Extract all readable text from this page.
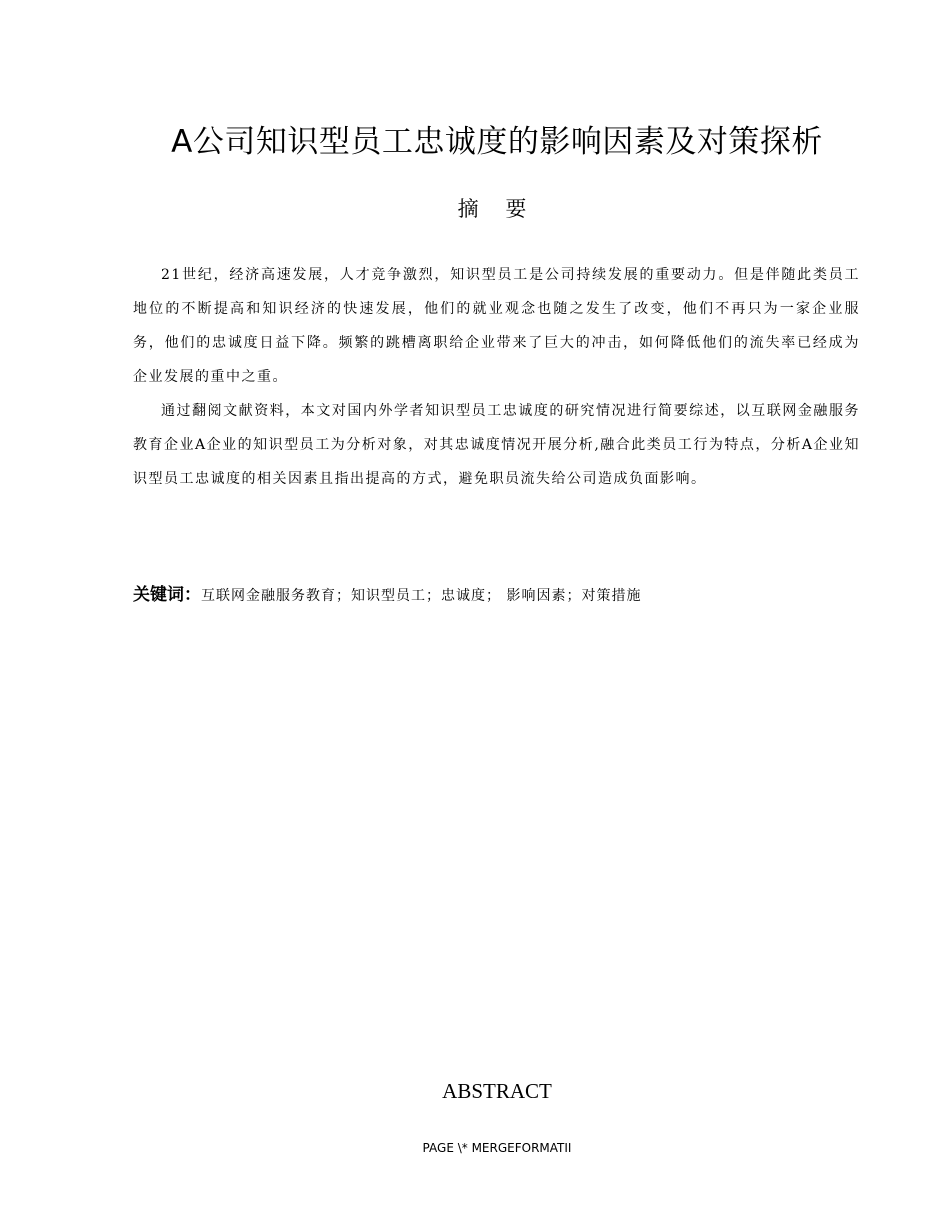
A公司知识型员工忠诚度的影响因素及对策探析
摘 要

21世纪，经济高速发展，人才竞争激烈，知识型员工是公司持续发展的重要动力。但是伴随此类员工地位的不断提高和知识经济的快速发展，他们的就业观念也随之发生了改变，他们不再只为一家企业服务，他们的忠诚度日益下降。频繁的跳槽离职给企业带来了巨大的冲击，如何降低他们的流失率已经成为企业发展的重中之重。

通过翻阅文献资料，本文对国内外学者知识型员工忠诚度的研究情况进行简要综述，以互联网金融服务教育企业A企业的知识型员工为分析对象，对其忠诚度情况开展分析,融合此类员工行为特点，分析A企业知识型员工忠诚度的相关因素且指出提高的方式，避免职员流失给公司造成负面影响。

关键词：互联网金融服务教育；知识型员工；忠诚度； 影响因素；对策措施
ABSTRACT
PAGE \* MERGEFORMATII
